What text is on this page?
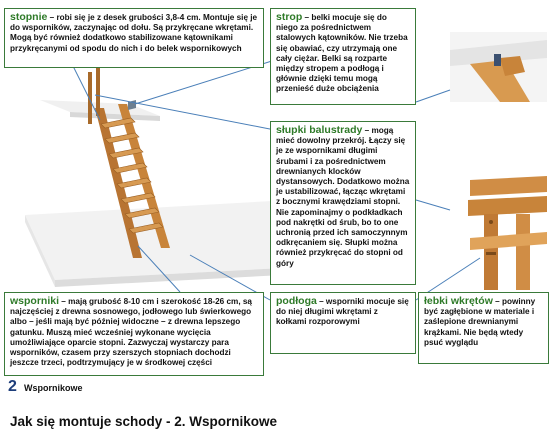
stopnie – robi się je z desek grubości 3,8-4 cm. Montuje się je do wsporników, zaczynając od dołu. Są przykręcane wkrętami. Mogą być również dodatkowo stabilizowane kątownikami przykręcanymi od spodu do nich i do belek wspornikowych
strop – belki mocuje się do niego za pośrednictwem stalowych kątowników. Nie trzeba się obawiać, czy utrzymają one cały ciężar. Belki są rozparte między stropem a podłogą i głównie dzięki temu mogą przenieść duże obciążenia
słupki balustrady – mogą mieć dowolny przekrój. Łączy się je ze wspornikami długimi śrubami i za pośrednictwem drewnianych klocków dystansowych. Dodatkowo można je ustabilizować, łącząc wkrętami z bocznymi krawędziami stopni. Nie zapominajmy o podkładkach pod nakrętki od śrub, bo to one uchronią przed ich samoczynnym odkręcaniem się. Słupki można również przykręcać do stopni od góry
wsporniki – mają grubość 8-10 cm i szerokość 18-26 cm, są najczęściej z drewna sosnowego, jodłowego lub świerkowego albo – jeśli mają być później widoczne – z drewna lepszego gatunku. Muszą mieć wcześniej wykonane wycięcia umożliwiające oparcie stopni. Zazwyczaj wystarczy para wsporników, czasem przy szerszych stopniach dochodzi jeszcze trzeci, podtrzymujący je w środkowej części
podłoga – wsporniki mocuje się do niej długimi wkrętami z kołkami rozporowymi
łebki wkrętów – powinny być zagłębione w materiale i zaślepione drewnianymi krążkami. Nie będą wtedy psuć wyglądu
2 Wspornikowe
Jak się montuje schody - 2. Wspornikowe
